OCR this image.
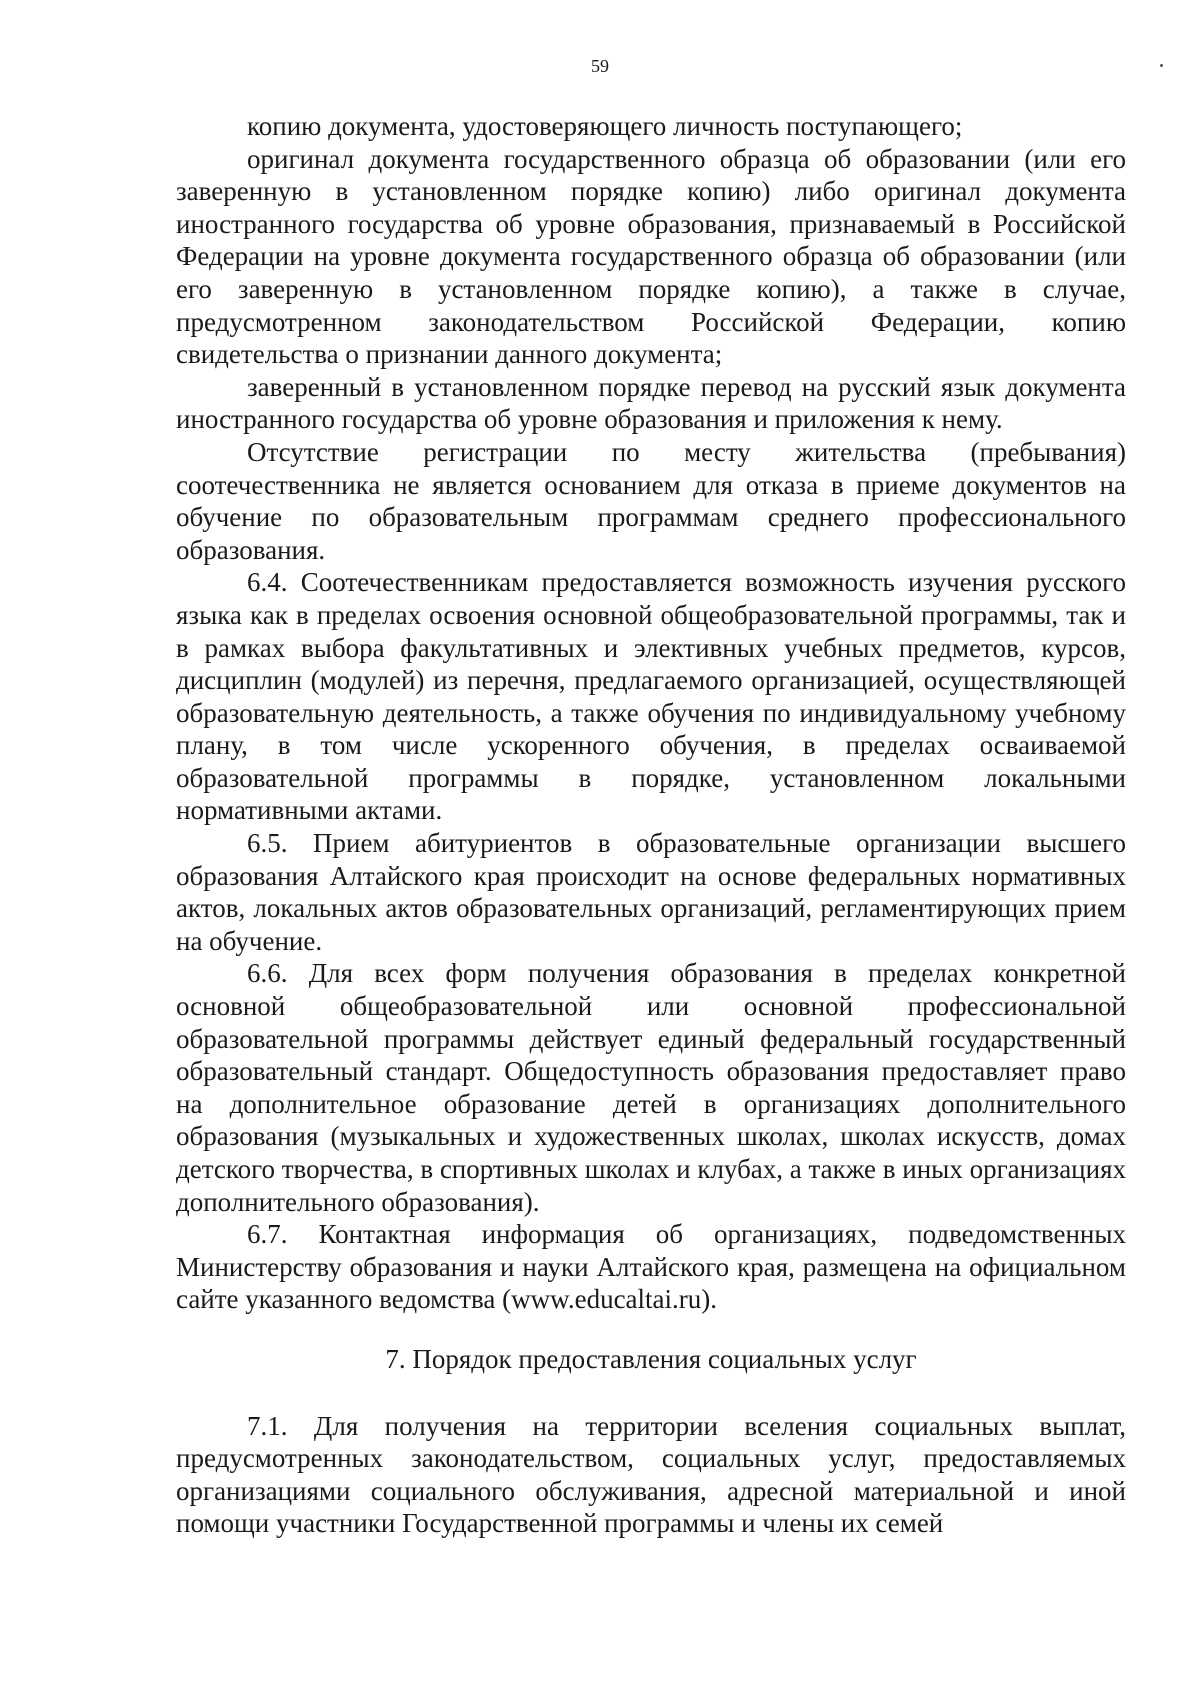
59

копию документа, удостоверяющего личность поступающего;

оригинал документа государственного образца об образовании (или его заверенную в установленном порядке копию) либо оригинал документа иностранного государства об уровне образования, признаваемый в Российской Федерации на уровне документа государственного образца об образовании (или его заверенную в установленном порядке копию), а также в случае, предусмотренном законодательством Российской Федерации, копию свидетельства о признании данного документа;

заверенный в установленном порядке перевод на русский язык документа иностранного государства об уровне образования и приложения к нему.

Отсутствие регистрации по месту жительства (пребывания) соотечественника не является основанием для отказа в приеме документов на обучение по образовательным программам среднего профессионального образования.

6.4. Соотечественникам предоставляется возможность изучения русского языка как в пределах освоения основной общеобразовательной программы, так и в рамках выбора факультативных и элективных учебных предметов, курсов, дисциплин (модулей) из перечня, предлагаемого организацией, осуществляющей образовательную деятельность, а также обучения по индивидуальному учебному плану, в том числе ускоренного обучения, в пределах осваиваемой образовательной программы в порядке, установленном локальными нормативными актами.

6.5. Прием абитуриентов в образовательные организации высшего образования Алтайского края происходит на основе федеральных нормативных актов, локальных актов образовательных организаций, регламентирующих прием на обучение.

6.6. Для всех форм получения образования в пределах конкретной основной общеобразовательной или основной профессиональной образовательной программы действует единый федеральный государственный образовательный стандарт. Общедоступность образования предоставляет право на дополнительное образование детей в организациях дополнительного образования (музыкальных и художественных школах, школах искусств, домах детского творчества, в спортивных школах и клубах, а также в иных организациях дополнительного образования).

6.7. Контактная информация об организациях, подведомственных Министерству образования и науки Алтайского края, размещена на официальном сайте указанного ведомства (www.educaltai.ru).

7. Порядок предоставления социальных услуг

7.1. Для получения на территории вселения социальных выплат, предусмотренных законодательством, социальных услуг, предоставляемых организациями социального обслуживания, адресной материальной и иной помощи участники Государственной программы и члены их семей
